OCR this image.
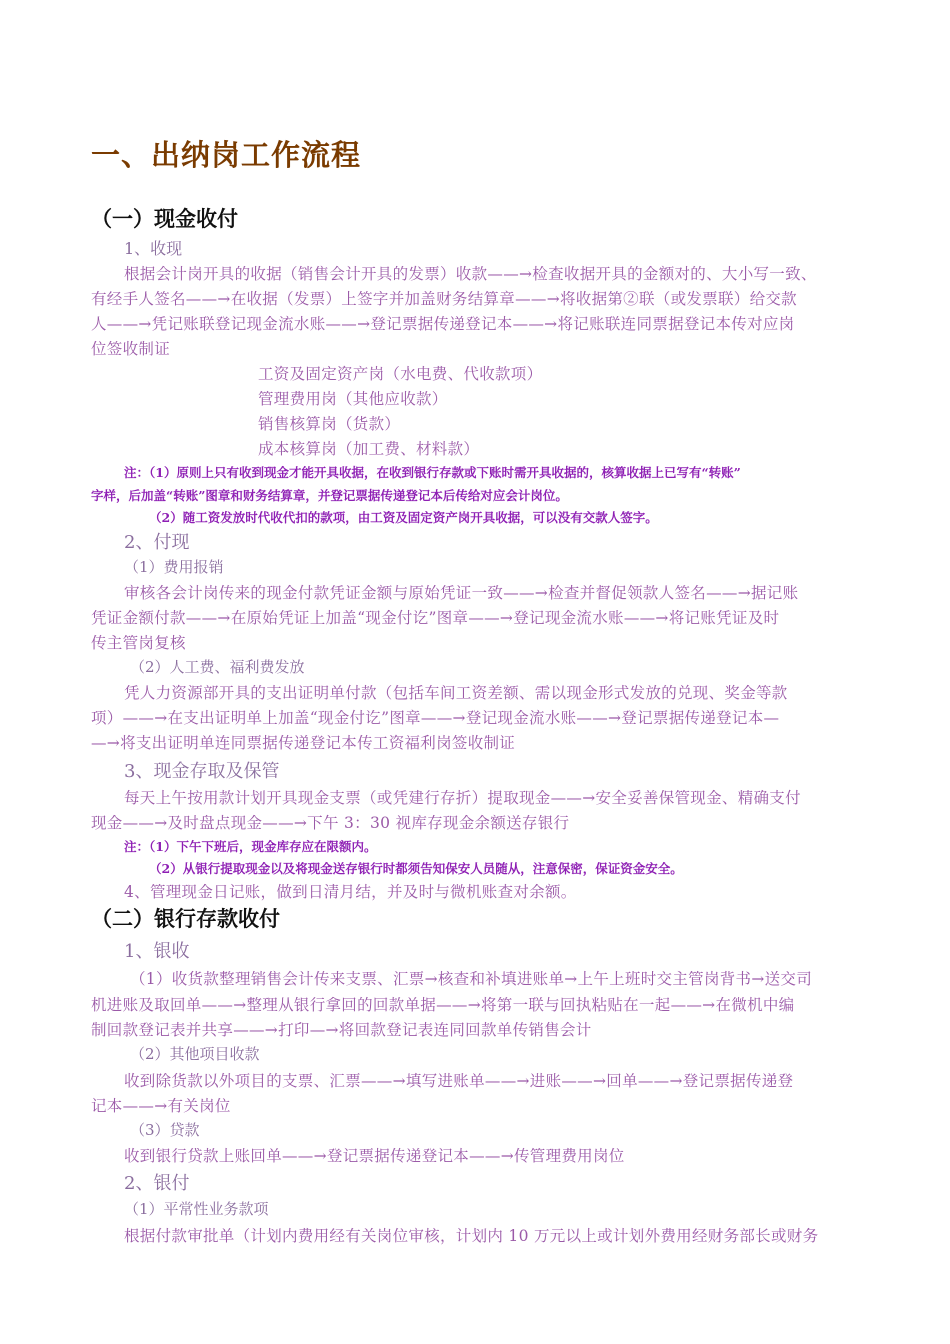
一、出纳岗工作流程
（一）现金收付
1、收现
根据会计岗开具的收据（销售会计开具的发票）收款——→检查收据开具的金额对的、大小写一致、
有经手人签名——→在收据（发票）上签字并加盖财务结算章——→将收据第②联（或发票联）给交款
人——→凭记账联登记现金流水账——→登记票据传递登记本——→将记账联连同票据登记本传对应岗
位签收制证
工资及固定资产岗（水电费、代收款项）
管理费用岗（其他应收款）
销售核算岗（货款）
成本核算岗（加工费、材料款）
注：（1）原则上只有收到现金才能开具收据，在收到银行存款或下账时需开具收据的，核算收据上已写有“转账”
字样，后加盖“转账”图章和财务结算章，并登记票据传递登记本后传给对应会计岗位。
（2）随工资发放时代收代扣的款项，由工资及固定资产岗开具收据，可以没有交款人签字。
2、付现
（1）费用报销
审核各会计岗传来的现金付款凭证金额与原始凭证一致——→检查并督促领款人签名——→据记账
凭证金额付款——→在原始凭证上加盖“现金付讫”图章——→登记现金流水账——→将记账凭证及时
传主管岗复核
（2）人工费、福利费发放
凭人力资源部开具的支出证明单付款（包括车间工资差额、需以现金形式发放的兑现、奖金等款
项）——→在支出证明单上加盖“现金付讫”图章——→登记现金流水账——→登记票据传递登记本—
—→将支出证明单连同票据传递登记本传工资福利岗签收制证
3、现金存取及保管
每天上午按用款计划开具现金支票（或凭建行存折）提取现金——→安全妥善保管现金、精确支付
现金——→及时盘点现金——→下午 3：30 视库存现金余额送存银行
注：（1）下午下班后，现金库存应在限额内。
（2）从银行提取现金以及将现金送存银行时都须告知保安人员随从，注意保密，保证资金安全。
4、管理现金日记账，做到日清月结，并及时与微机账查对余额。
（二）银行存款收付
1、银收
（1）收货款整理销售会计传来支票、汇票→核查和补填进账单→上午上班时交主管岗背书→送交司
机进账及取回单——→整理从银行拿回的回款单据——→将第一联与回执粘贴在一起——→在微机中编
制回款登记表并共享——→打印—→将回款登记表连同回款单传销售会计
（2）其他项目收款
收到除货款以外项目的支票、汇票——→填写进账单——→进账——→回单——→登记票据传递登
记本——→有关岗位
（3）贷款
收到银行贷款上账回单——→登记票据传递登记本——→传管理费用岗位
2、银付
（1）平常性业务款项
根据付款审批单（计划内费用经有关岗位审核，计划内 10 万元以上或计划外费用经财务部长或财务
